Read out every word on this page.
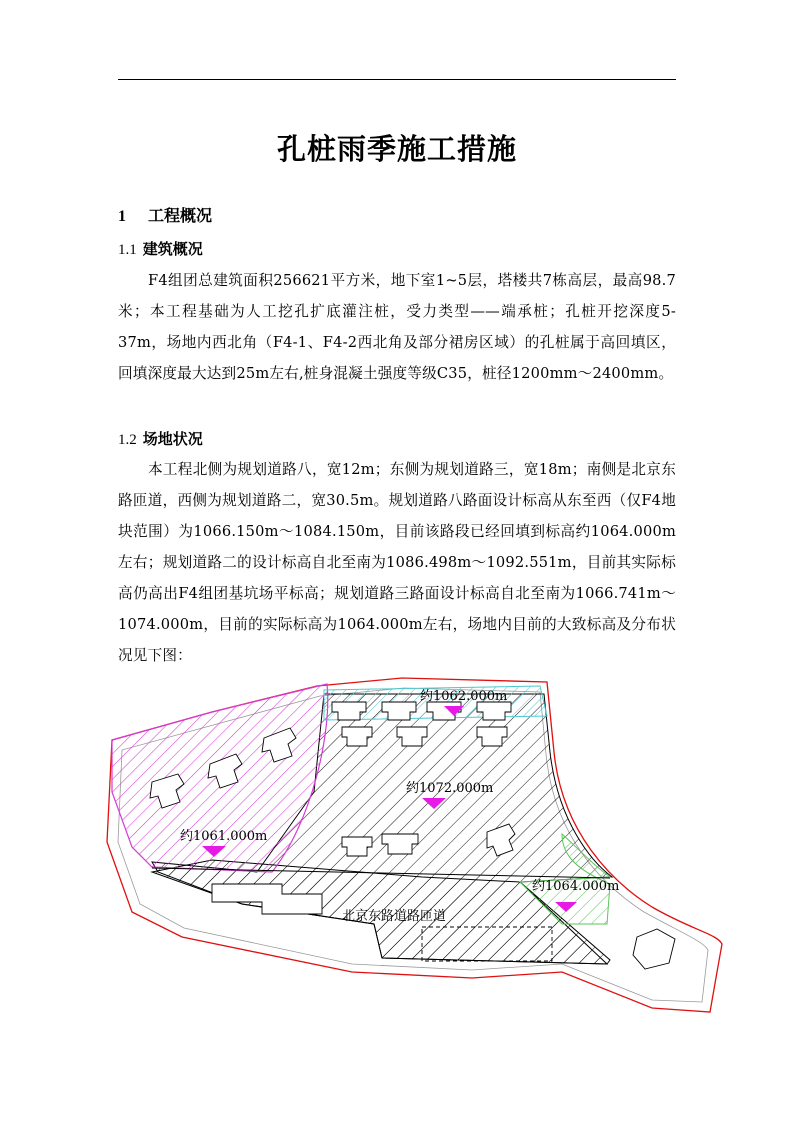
孔桩雨季施工措施
1 工程概况
1.1 建筑概况
F4组团总建筑面积256621平方米，地下室1~5层，塔楼共7栋高层，最高98.7米；本工程基础为人工挖孔扩底灌注桩，受力类型——端承桩；孔桩开挖深度5-37m，场地内西北角（F4-1、F4-2西北角及部分裙房区域）的孔桩属于高回填区，回填深度最大达到25m左右,桩身混凝土强度等级C35，桩径1200mm～2400mm。
1.2 场地状况
本工程北侧为规划道路八，宽12m；东侧为规划道路三，宽18m；南侧是北京东路匝道，西侧为规划道路二，宽30.5m。规划道路八路面设计标高从东至西（仅F4地块范围）为1066.150m～1084.150m，目前该路段已经回填到标高约1064.000m左右；规划道路二的设计标高自北至南为1086.498m～1092.551m，目前其实际标高仍高出F4组团基坑场平标高；规划道路三路面设计标高自北至南为1066.741m～1074.000m，目前的实际标高为1064.000m左右，场地内目前的大致标高及分布状况见下图：
约1062.000m
约1072.000m
约1061.000m
约1064.000m
北京东路道路匝道
